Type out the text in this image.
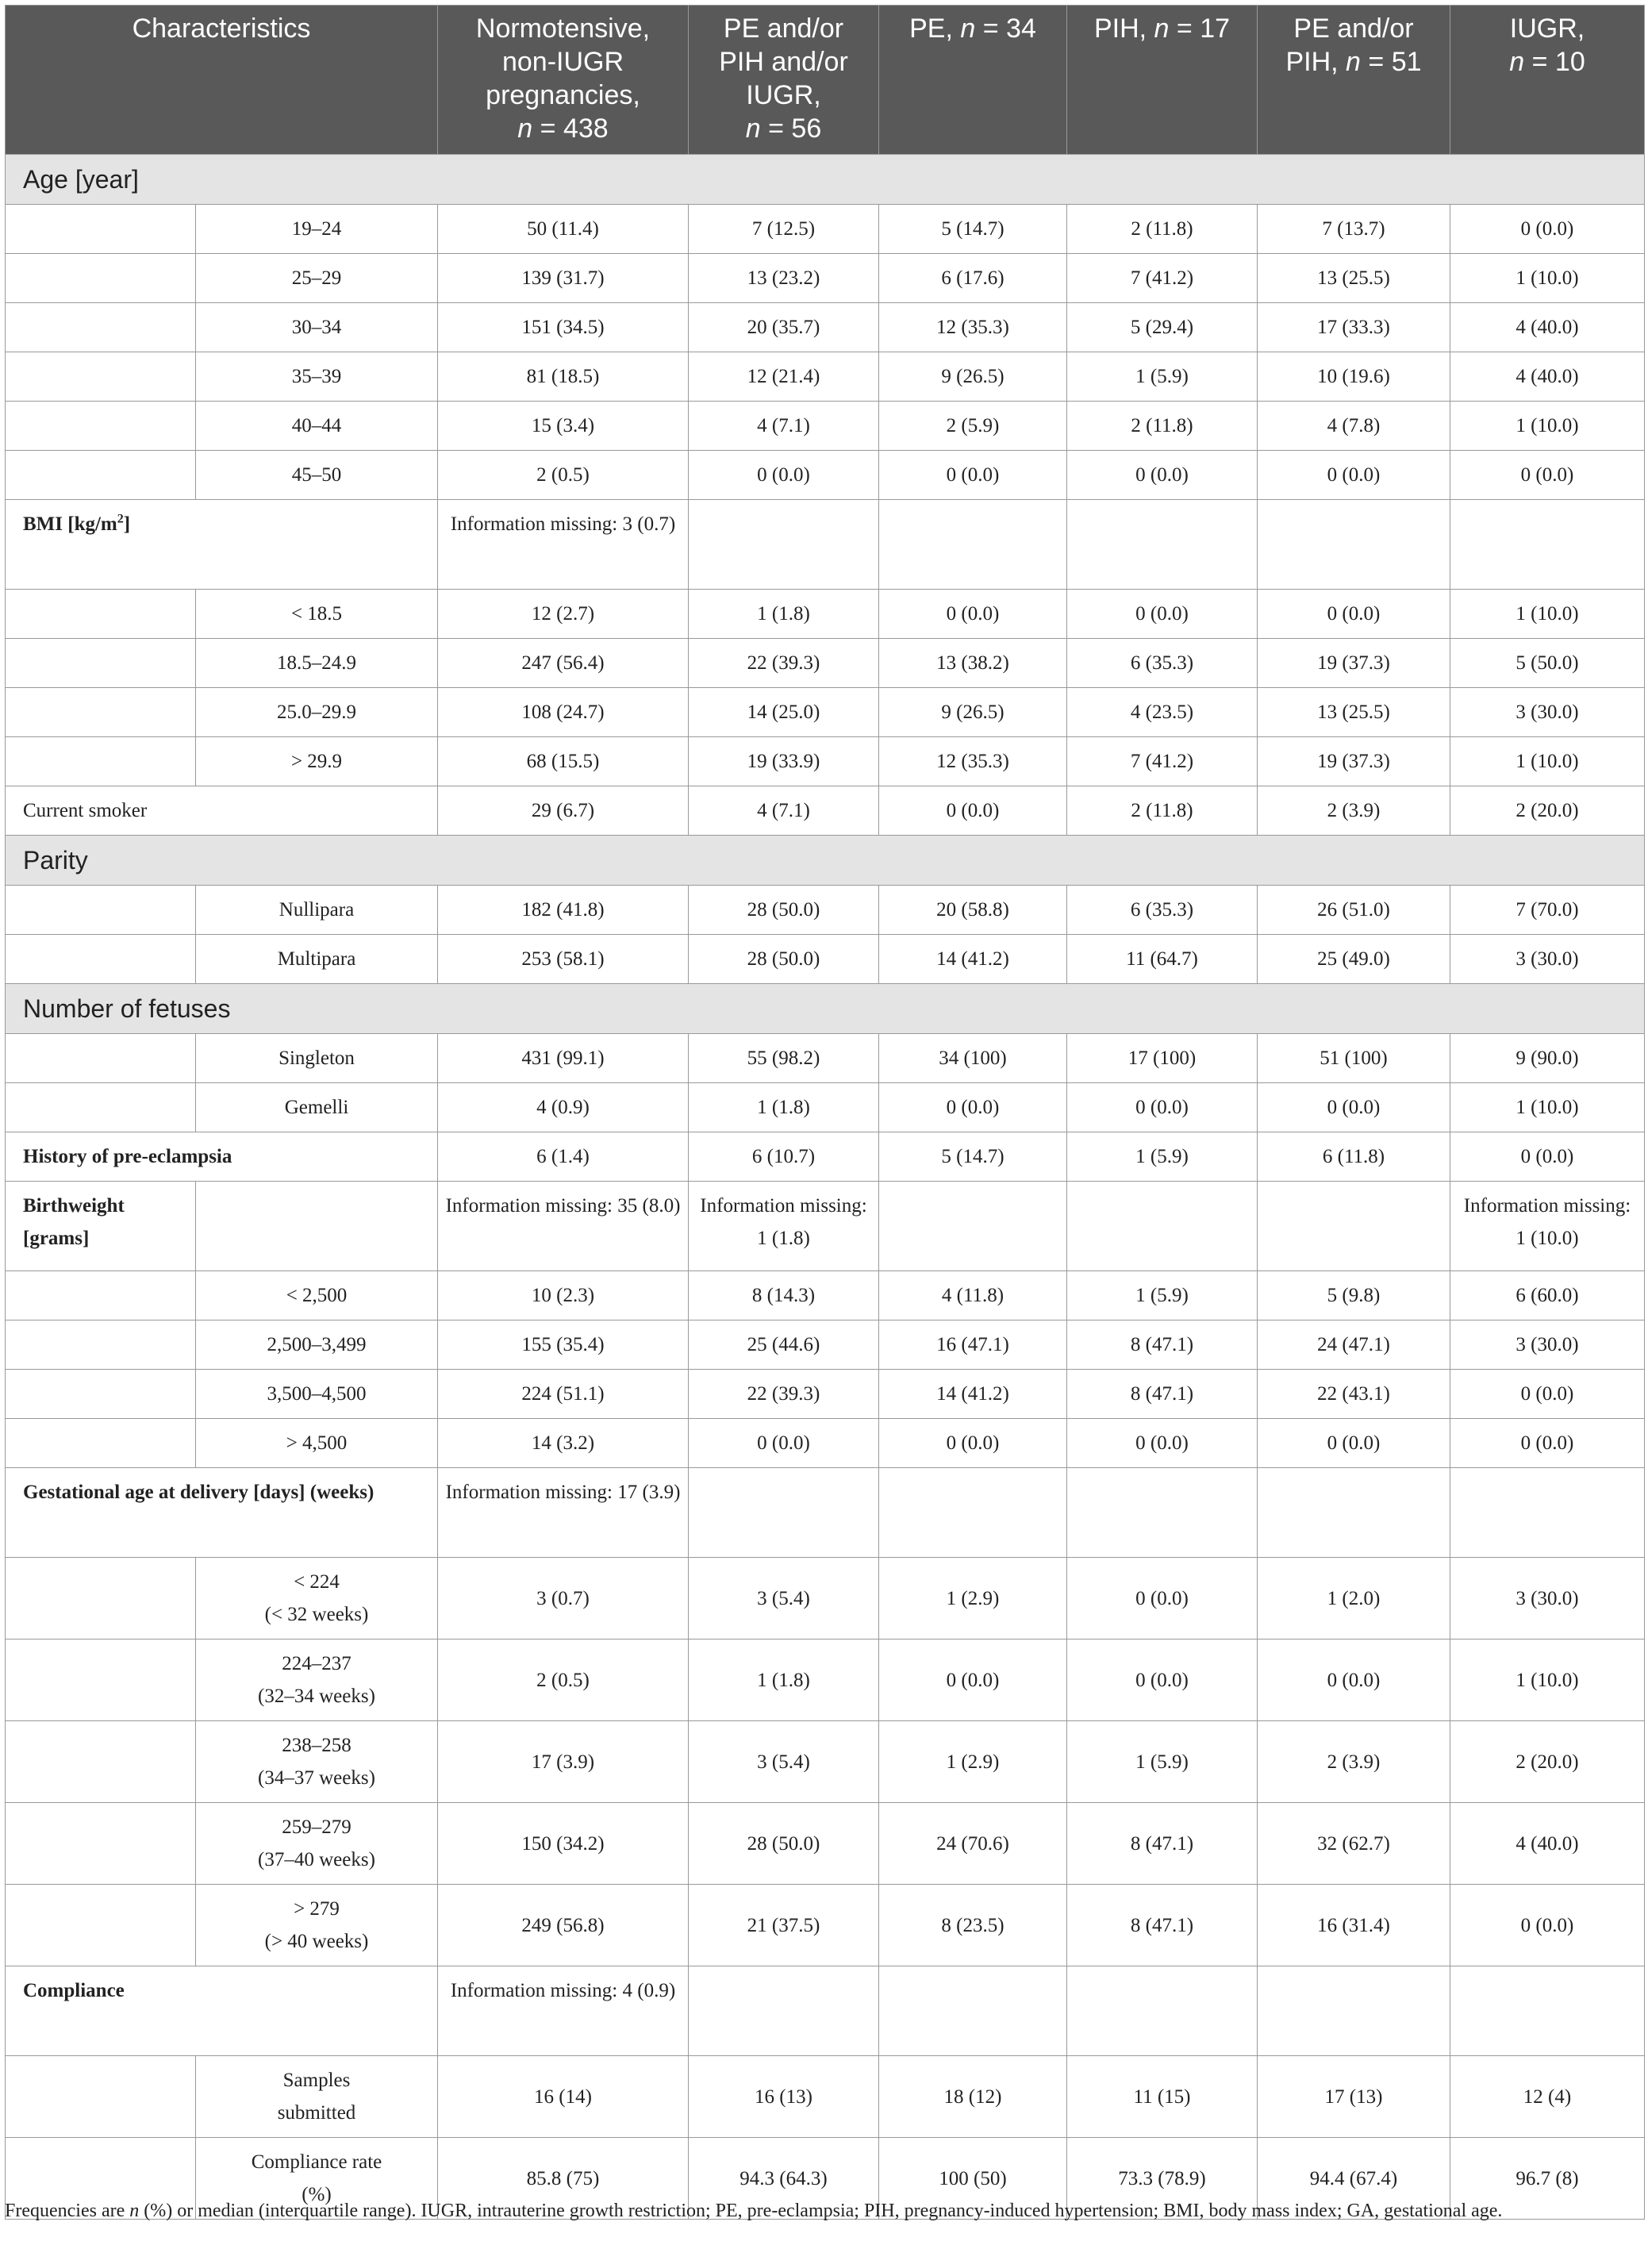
Characteristics		Normotensive,
non-IUGR
pregnancies,
n = 438	PE and/or
PIH and/or
IUGR,
n = 56	PE, n = 34	PIH, n = 17	PE and/or
PIH, n = 51	IUGR,
n = 10
Age [year]							
	19–24	50 (11.4)	7 (12.5)	5 (14.7)	2 (11.8)	7 (13.7)	0 (0.0)
	25–29	139 (31.7)	13 (23.2)	6 (17.6)	7 (41.2)	13 (25.5)	1 (10.0)
	30–34	151 (34.5)	20 (35.7)	12 (35.3)	5 (29.4)	17 (33.3)	4 (40.0)
	35–39	81 (18.5)	12 (21.4)	9 (26.5)	1 (5.9)	10 (19.6)	4 (40.0)
	40–44	15 (3.4)	4 (7.1)	2 (5.9)	2 (11.8)	4 (7.8)	1 (10.0)
	45–50	2 (0.5)	0 (0.0)	0 (0.0)	0 (0.0)	0 (0.0)	0 (0.0)
BMI $[kg/m^2]$		Information missing: 3 (0.7)					
	< 18.5	12 (2.7)	1 (1.8)	0 (0.0)	0 (0.0)	0 (0.0)	1 (10.0)
	18.5–24.9	247 (56.4)	22 (39.3)	13 (38.2)	6 (35.3)	19 (37.3)	5 (50.0)
	25.0–29.9	108 (24.7)	14 (25.0)	9 (26.5)	4 (23.5)	13 (25.5)	3 (30.0)
	> 29.9	68 (15.5)	19 (33.9)	12 (35.3)	7 (41.2)	19 (37.3)	1 (10.0)
Current smoker		29 (6.7)	4 (7.1)	0 (0.0)	2 (11.8)	2 (3.9)	2 (20.0)
Parity							
	Nullipara	182 (41.8)	28 (50.0)	20 (58.8)	6 (35.3)	26 (51.0)	7 (70.0)
	Multipara	253 (58.1)	28 (50.0)	14 (41.2)	11 (64.7)	25 (49.0)	3 (30.0)
Number of fetuses							
	Singleton	431 (99.1)	55 (98.2)	34 (100)	17 (100)	51 (100)	9 (90.0)
	Gemelli	4 (0.9)	1 (1.8)	0 (0.0)	0 (0.0)	0 (0.0)	1 (10.0)
History of pre-eclampsia		6 (1.4)	6 (10.7)	5 (14.7)	1 (5.9)	6 (11.8)	0 (0.0)
Birthweight
[grams]		Information missing: 35 (8.0)	Information missing: 1 (1.8)				Information missing: 1 (10.0)
	< 2,500	10 (2.3)	8 (14.3)	4 (11.8)	1 (5.9)	5 (9.8)	6 (60.0)
	2,500–3,499	155 (35.4)	25 (44.6)	16 (47.1)	8 (47.1)	24 (47.1)	3 (30.0)
	3,500–4,500	224 (51.1)	22 (39.3)	14 (41.2)	8 (47.1)	22 (43.1)	0 (0.0)
	> 4,500	14 (3.2)	0 (0.0)	0 (0.0)	0 (0.0)	0 (0.0)	0 (0.0)
Gestational age at delivery [days] (weeks)		Information missing: 17 (3.9)					
	< 224
(< 32 weeks)	3 (0.7)	3 (5.4)	1 (2.9)	0 (0.0)	1 (2.0)	3 (30.0)
	224–237
(32–34 weeks)	2 (0.5)	1 (1.8)	0 (0.0)	0 (0.0)	0 (0.0)	1 (10.0)
	238–258
(34–37 weeks)	17 (3.9)	3 (5.4)	1 (2.9)	1 (5.9)	2 (3.9)	2 (20.0)
	259–279
(37–40 weeks)	150 (34.2)	28 (50.0)	24 (70.6)	8 (47.1)	32 (62.7)	4 (40.0)
	> 279
(> 40 weeks)	249 (56.8)	21 (37.5)	8 (23.5)	8 (47.1)	16 (31.4)	0 (0.0)
Compliance		Information missing: 4 (0.9)					
	Samples
submitted	16 (14)	16 (13)	18 (12)	11 (15)	17 (13)	12 (4)
	Compliance rate
(%)	85.8 (75)	94.3 (64.3)	100 (50)	73.3 (78.9)	94.4 (67.4)	96.7 (8)
Frequencies are n (%) or median (interquartile range). IUGR, intrauterine growth restriction; PE, pre-eclampsia; PIH, pregnancy-induced hypertension; BMI, body mass index; GA, gestational age.
